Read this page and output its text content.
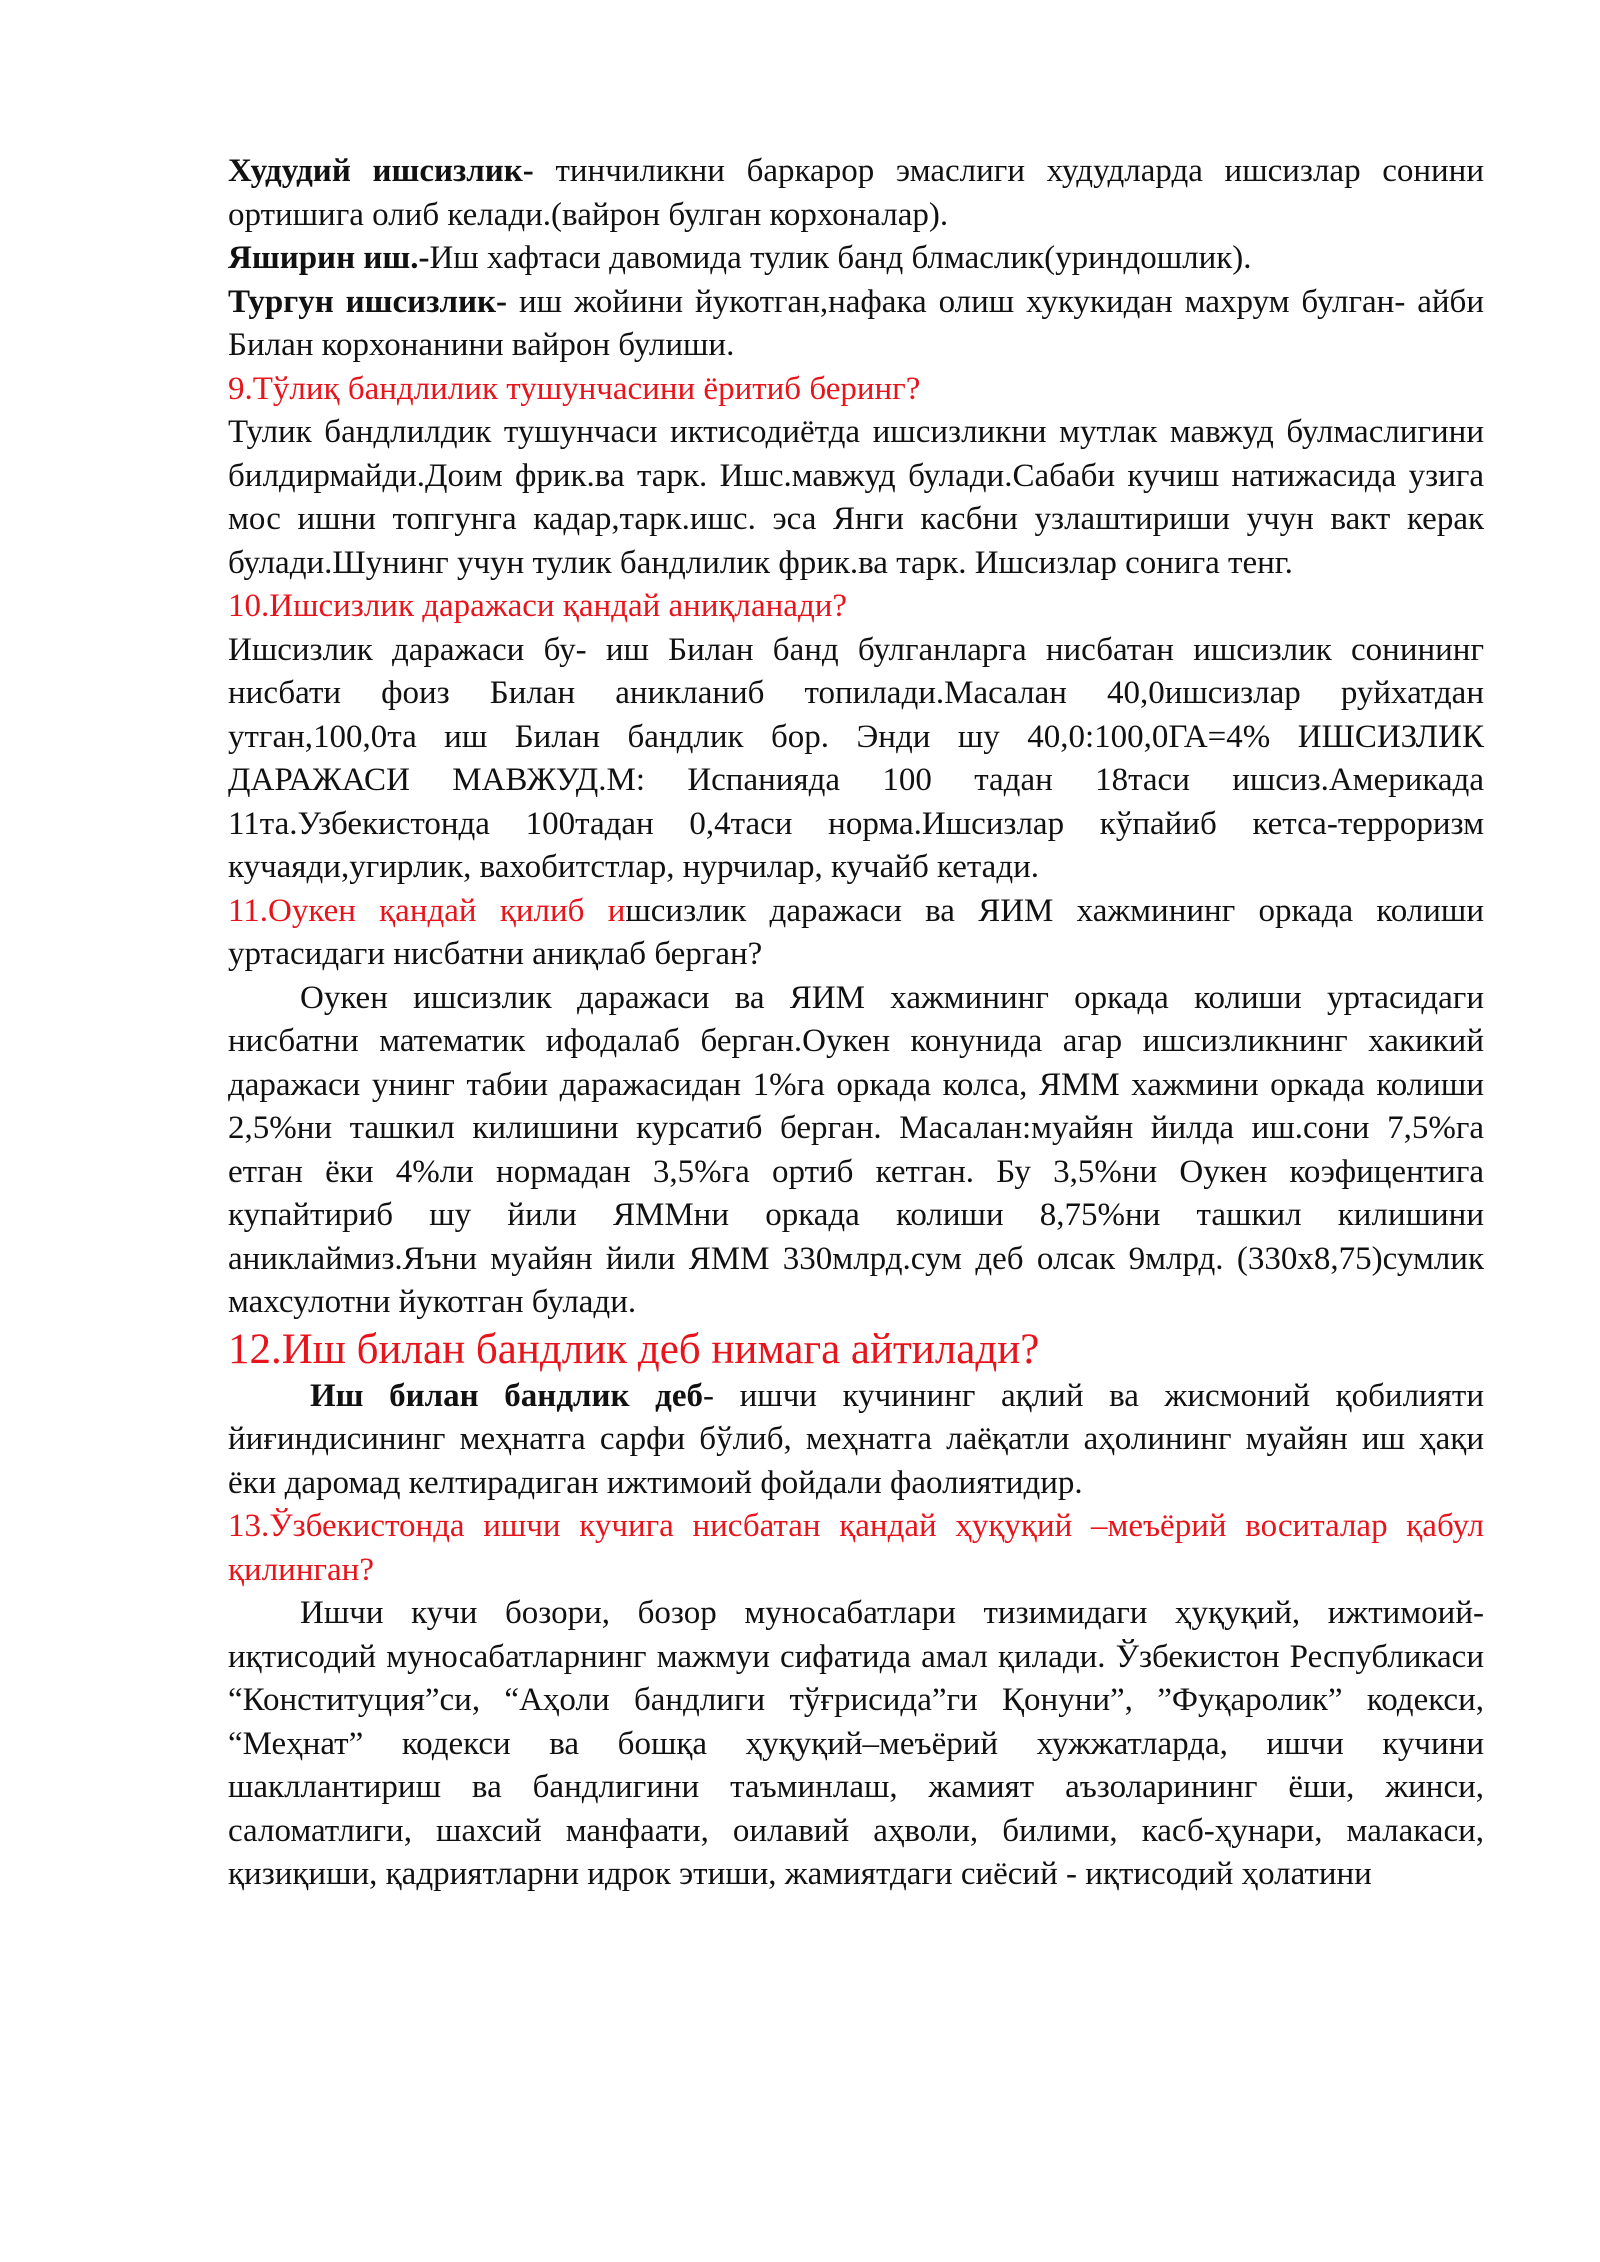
Худудий ишсизлик- тинчиликни баркарор эмаслиги худудларда ишсизлар сонини ортишига олиб келади.(вайрон булган корхоналар).

Яширин иш.-Иш хафтаси давомида тулик банд блмаслик(уриндошлик).

Тургун ишсизлик- иш жойини йукотган,нафака олиш хукукидан махрум булган- айби Билан корхонанини вайрон булиши.

9.Тўлиқ бандлилик тушунчасини ёритиб беринг?

Тулик бандлилдик тушунчаси иктисодиётда ишсизликни мутлак мавжуд булмаслигини билдирмайди.Доим фрик.ва тарк. Ишс.мавжуд булади.Сабаби кучиш натижасида узига мос ишни топгунга кадар,тарк.ишс. эса Янги касбни узлаштириши учун вакт керак булади.Шунинг учун тулик бандлилик фрик.ва тарк. Ишсизлар сонига тенг.

10.Ишсизлик даражаси қандай аниқланади?

Ишсизлик даражаси бу- иш Билан банд булганларга нисбатан ишсизлик сонининг нисбати фоиз Билан аникланиб топилади.Масалан 40,0ишсизлар руйхатдан утган,100,0та иш Билан бандлик бор. Энди шу 40,0:100,0ГА=4% ИШСИЗЛИК ДАРАЖАСИ МАВЖУД.М: Испанияда 100 тадан 18таси ишсиз.Америкада 11та.Узбекистонда 100тадан 0,4таси норма.Ишсизлар кўпайиб кетса-терроризм кучаяди,угирлик, вахобитстлар, нурчилар, кучайб кетади.

11.Оукен қандай қилиб ишсизлик даражаси ва ЯИМ хажмининг оркада колиши уртасидаги нисбатни аниқлаб берган?

Оукен ишсизлик даражаси ва ЯИМ хажмининг оркада колиши уртасидаги нисбатни математик ифодалаб берган.Оукен конунида агар ишсизликнинг хакикий даражаси унинг табии даражасидан 1%га оркада колса, ЯММ хажмини оркада колиши 2,5%ни ташкил килишини курсатиб берган. Масалан:муайян йилда иш.сони 7,5%га етган ёки 4%ли нормадан 3,5%га ортиб кетган. Бу 3,5%ни Оукен коэфицентига купайтириб шу йили ЯММни оркада колиши 8,75%ни ташкил килишини аниклаймиз.Яъни муайян йили ЯММ 330млрд.сум деб олсак 9млрд. (330х8,75)сумлик махсулотни йукотган булади.

12.Иш билан бандлик деб нимага айтилади?

Иш билан бандлик деб- ишчи кучининг ақлий ва жисмоний қобилияти йиғиндисининг меҳнатга сарфи бўлиб, меҳнатга лаёқатли аҳолининг муайян иш ҳақи ёки даромад келтирадиган ижтимоий фойдали фаолиятидир.

13.Ўзбекистонда ишчи кучига нисбатан қандай ҳуқуқий –меъёрий воситалар қабул қилинган?

Ишчи кучи бозори, бозор муносабатлари тизимидаги ҳуқуқий, ижтимоий-иқтисодий муносабатларнинг мажмуи сифатида амал қилади. Ўзбекистон Республикаси “Конституция”си, “Аҳоли бандлиги тўғрисида”ги Қонуни”, ”Фуқаролик” кодекси, “Меҳнат” кодекси ва бошқа ҳуқуқий–меъёрий хужжатларда, ишчи кучини шакллантириш ва бандлигини таъминлаш, жамият аъзоларининг ёши, жинси, саломатлиги, шахсий манфаати, оилавий аҳволи, билими, касб-ҳунари, малакаси, қизиқиши, қадриятларни идрок этиши, жамиятдаги сиёсий - иқтисодий ҳолатини
